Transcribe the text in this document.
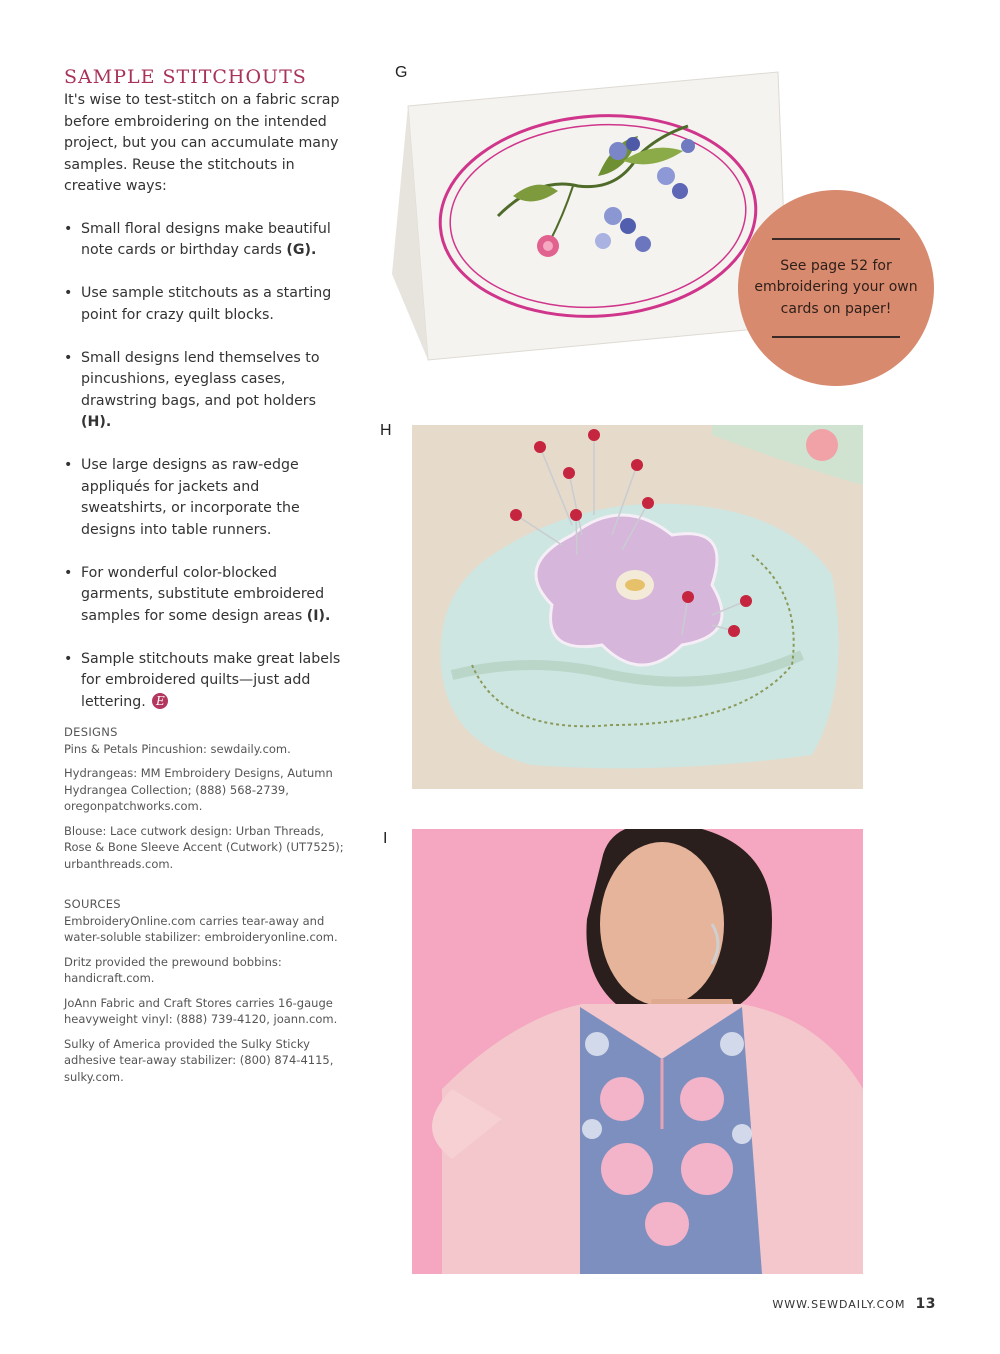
SAMPLE STITCHOUTS

It's wise to test-stitch on a fabric scrap before embroidering on the intended project, but you can accumulate many samples. Reuse the stitchouts in creative ways:

• Small floral designs make beautiful note cards or birthday cards (G).
• Use sample stitchouts as a starting point for crazy quilt blocks.
• Small designs lend themselves to pincushions, eyeglass cases, drawstring bags, and pot holders (H).
• Use large designs as raw-edge appliqués for jackets and sweatshirts, or incorporate the designs into table runners.
• For wonderful color-blocked garments, substitute embroidered samples for some design areas (I).
• Sample stitchouts make great labels for embroidered quilts—just add lettering. E
DESIGNS

Pins & Petals Pincushion: sewdaily.com.

Hydrangeas: MM Embroidery Designs, Autumn Hydrangea Collection; (888) 568-2739, oregonpatchworks.com.

Blouse: Lace cutwork design: Urban Threads, Rose & Bone Sleeve Accent (Cutwork) (UT7525); urbanthreads.com.

SOURCES

EmbroideryOnline.com carries tear-away and water-soluble stabilizer: embroideryonline.com.

Dritz provided the prewound bobbins: handicraft.com.

JoAnn Fabric and Craft Stores carries 16-gauge heavyweight vinyl: (888) 739-4120, joann.com.

Sulky of America provided the Sulky Sticky adhesive tear-away stabilizer: (800) 874-4115, sulky.com.

G
See page 52 for
embroidering your own
cards on paper!
H
I
WWW.SEWDAILY.COM 13
